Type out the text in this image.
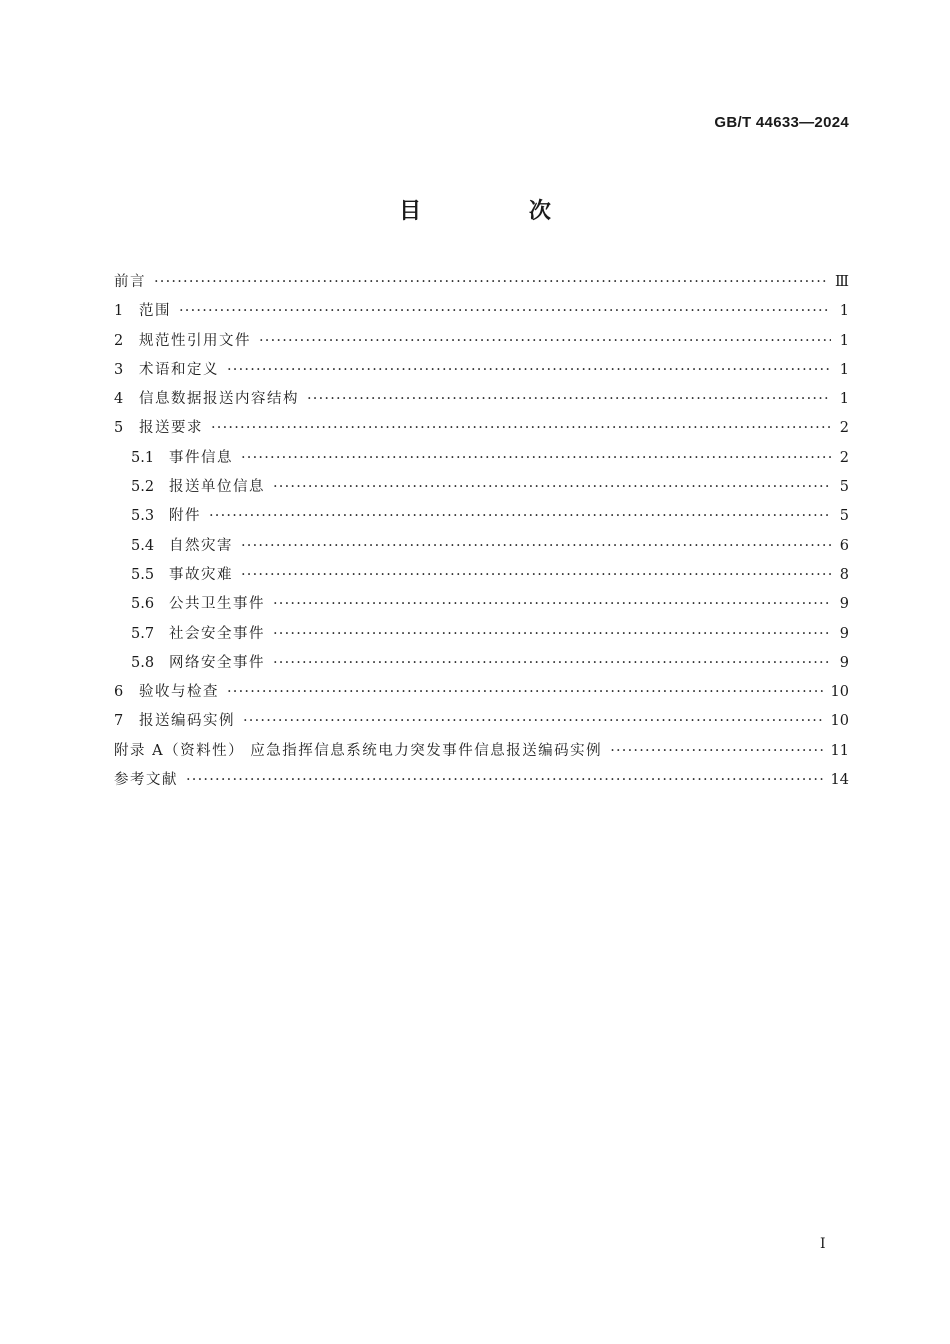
GB/T 44633—2024
目 次
前言 ·····	Ⅲ
1	范围 ·····	1
2	规范性引用文件 ·····	1
3	术语和定义 ·····	1
4	信息数据报送内容结构 ·····	1
5	报送要求 ·····	2
5.1	事件信息 ·····	2
5.2	报送单位信息 ·····	5
5.3	附件 ·····	5
5.4	自然灾害 ·····	6
5.5	事故灾难 ·····	8
5.6	公共卫生事件 ·····	9
5.7	社会安全事件 ·····	9
5.8	网络安全事件 ·····	9
6	验收与检查 ·····	10
7	报送编码实例 ·····	10
附录 A（资料性） 应急指挥信息系统电力突发事件信息报送编码实例 ·····	11
参考文献 ·····	14
I
